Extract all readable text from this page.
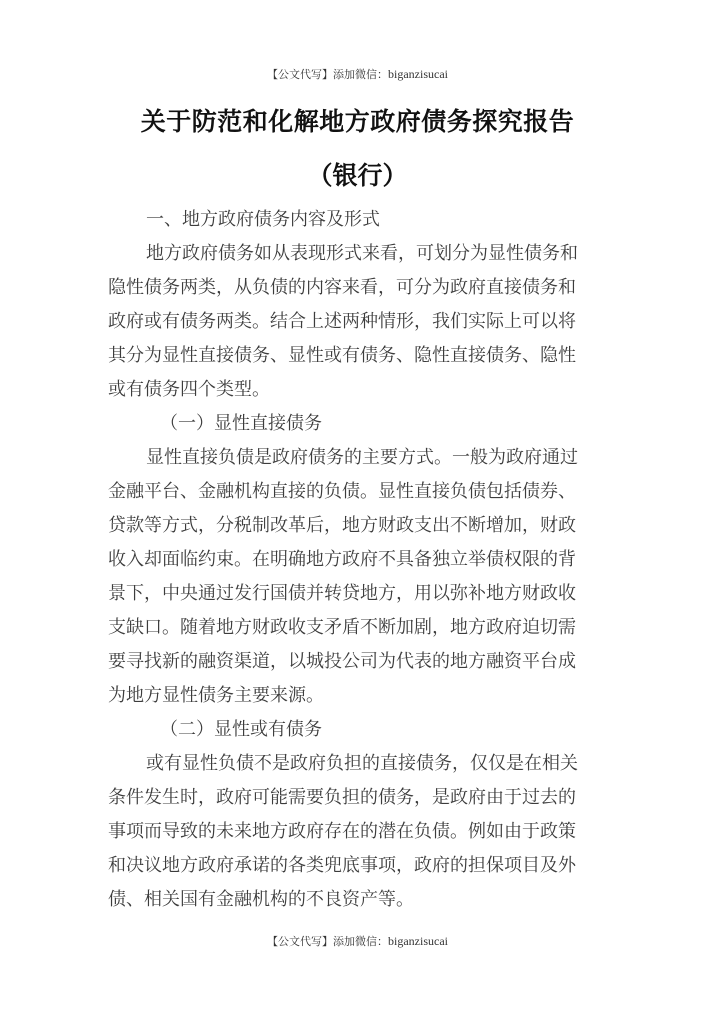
【公文代写】添加微信：biganzisucai
关于防范和化解地方政府债务探究报告
（银行）
一、地方政府债务内容及形式
地方政府债务如从表现形式来看，可划分为显性债务和
隐性债务两类，从负债的内容来看，可分为政府直接债务和
政府或有债务两类。结合上述两种情形，我们实际上可以将
其分为显性直接债务、显性或有债务、隐性直接债务、隐性
或有债务四个类型。
（一）显性直接债务
显性直接负债是政府债务的主要方式。一般为政府通过
金融平台、金融机构直接的负债。显性直接负债包括债券、
贷款等方式，分税制改革后，地方财政支出不断增加，财政
收入却面临约束。在明确地方政府不具备独立举债权限的背
景下，中央通过发行国债并转贷地方，用以弥补地方财政收
支缺口。随着地方财政收支矛盾不断加剧，地方政府迫切需
要寻找新的融资渠道，以城投公司为代表的地方融资平台成
为地方显性债务主要来源。
（二）显性或有债务
或有显性负债不是政府负担的直接债务，仅仅是在相关
条件发生时，政府可能需要负担的债务，是政府由于过去的
事项而导致的未来地方政府存在的潜在负债。例如由于政策
和决议地方政府承诺的各类兜底事项，政府的担保项目及外
债、相关国有金融机构的不良资产等。
【公文代写】添加微信：biganzisucai
